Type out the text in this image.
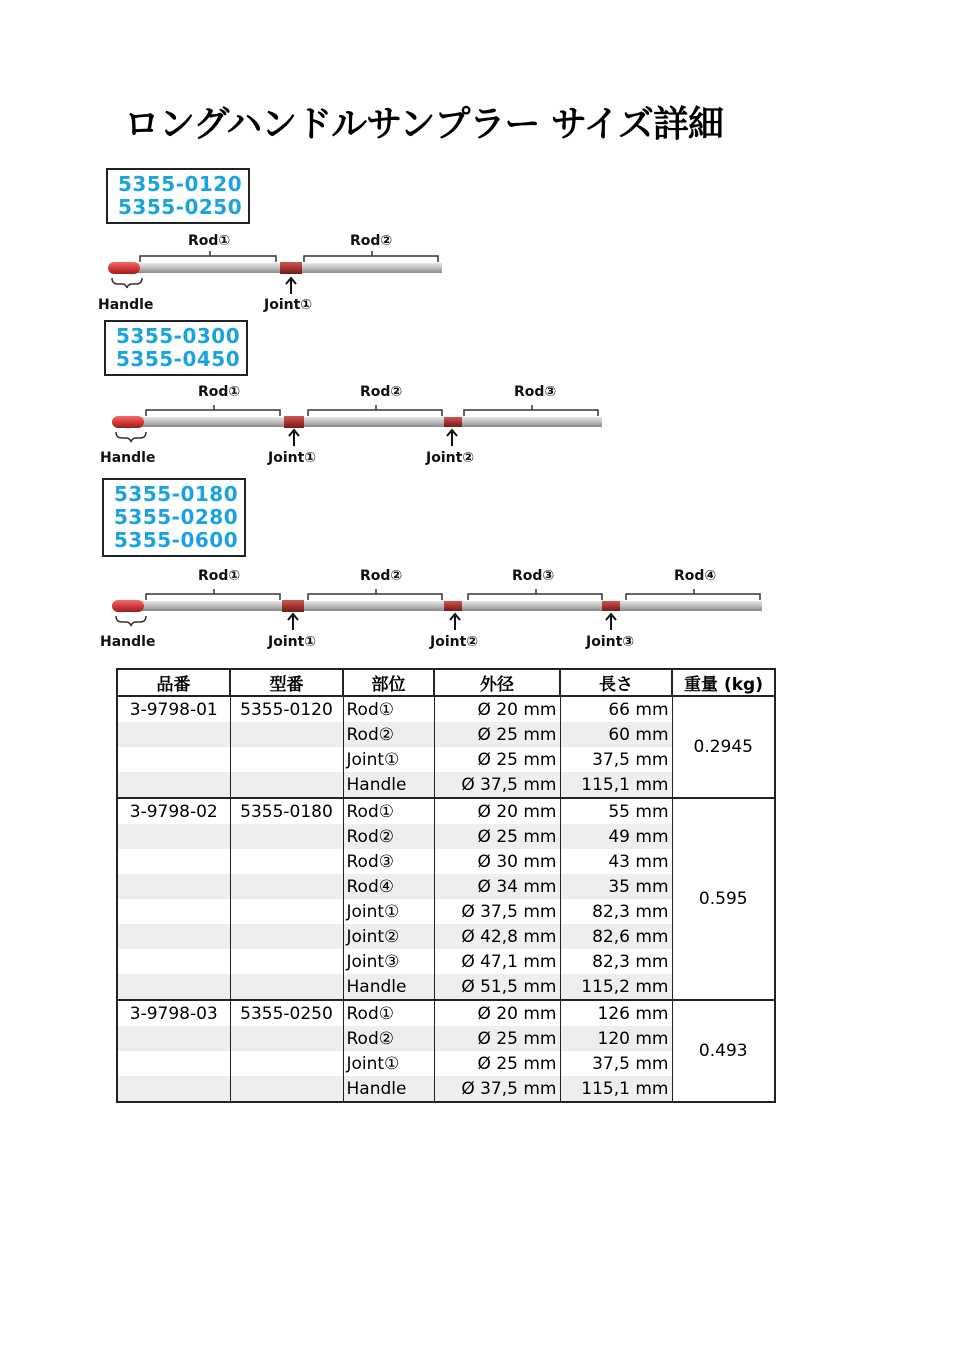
ロングハンドルサンプラー サイズ詳細
5355-0120
5355-0250
5355-0300
5355-0450
5355-0180
5355-0280
5355-0600
Rod①	Rod②
Handle	Joint①
Rod①	Rod②	Rod③
Handle	Joint①	Joint②
Rod①	Rod②	Rod③	Rod④
Handle	Joint①	Joint②	Joint③
品番	型番	部位	外径	長さ	重量 (kg)
3-9798-01	5355-0120	Rod①	Ø 20 mm	66 mm	0.2945
		Rod②	Ø 25 mm	60 mm	
		Joint①	Ø 25 mm	37,5 mm	
		Handle	Ø 37,5 mm	115,1 mm	
3-9798-02	5355-0180	Rod①	Ø 20 mm	55 mm	0.595
		Rod②	Ø 25 mm	49 mm	
		Rod③	Ø 30 mm	43 mm	
		Rod④	Ø 34 mm	35 mm	
		Joint①	Ø 37,5 mm	82,3 mm	
		Joint②	Ø 42,8 mm	82,6 mm	
		Joint③	Ø 47,1 mm	82,3 mm	
		Handle	Ø 51,5 mm	115,2 mm	
3-9798-03	5355-0250	Rod①	Ø 20 mm	126 mm	0.493
		Rod②	Ø 25 mm	120 mm	
		Joint①	Ø 25 mm	37,5 mm	
		Handle	Ø 37,5 mm	115,1 mm	
